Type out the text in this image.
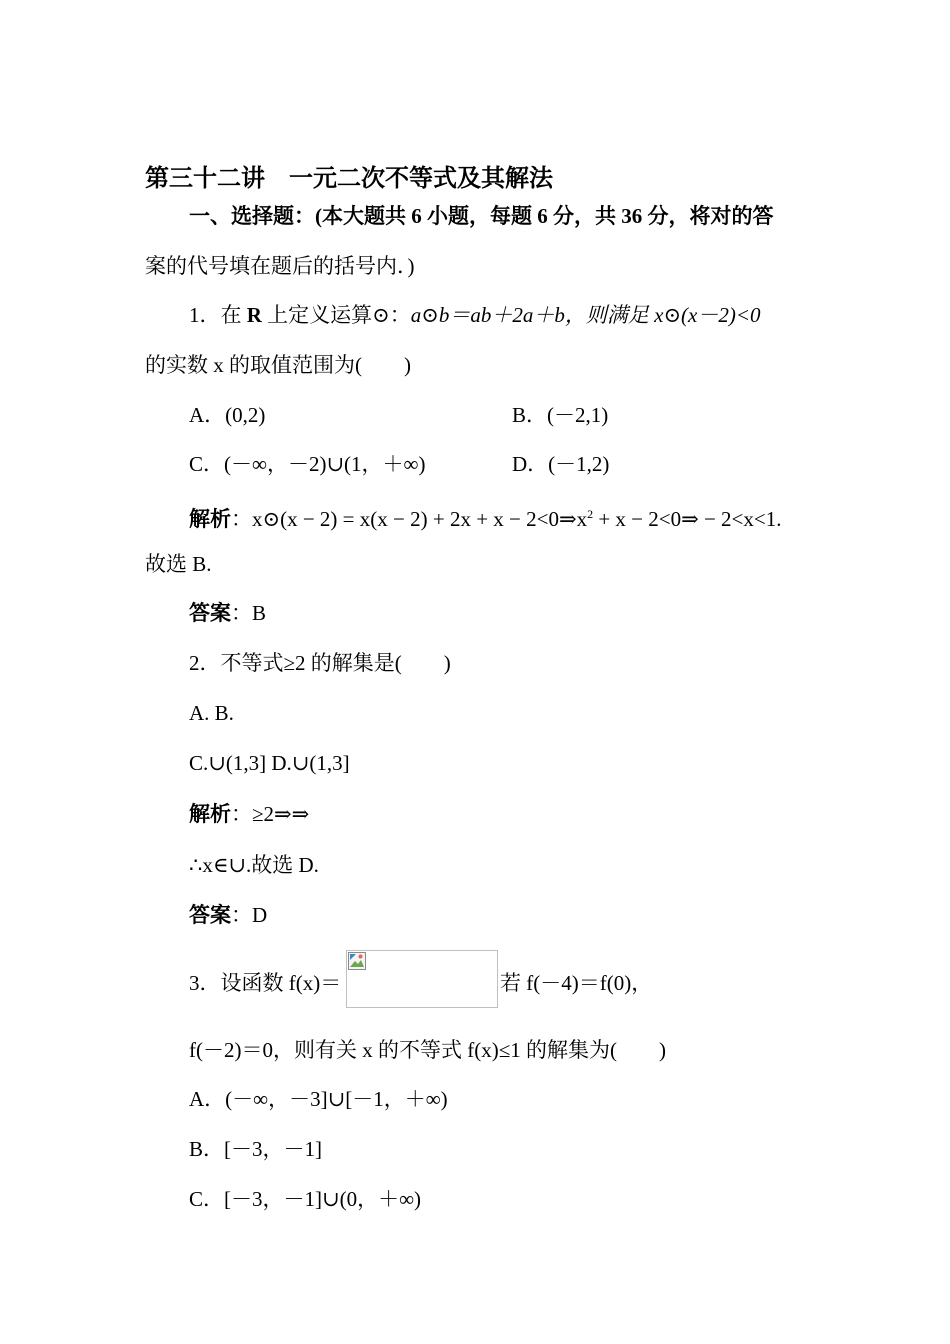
第三十二讲　一元二次不等式及其解法
一、选择题：(本大题共 6 小题，每题 6 分，共 36 分，将对的答
案的代号填在题后的括号内．)
1．在 R 上定义运算⊙：a⊙b＝ab＋2a＋b，则满足 x⊙(x－2)<0
的实数 x 的取值范围为(　　)
A．(0,2)	B．(－2,1)
C．(－∞，－2)∪(1，＋∞)	D．(－1,2)
解析：x⊙(x − $2) = x(x - 2) + 2x + x - 2<0\Rightarrow x^2 + x$ − 2<0⇒ − 2<x<1.
故选 B.
答案：B
2．不等式≥2 的解集是(　　)
A. B.
C.∪(1,3] D.∪(1,3]
解析：≥2⇒⇒
∴x∈∪.故选 D.
答案：D
3．设函数 f(x)＝	若 f(－4)＝f(0)，
f(－2)＝0，则有关 x 的不等式 f(x)≤1 的解集为(　　)
A．(－∞，－3]∪[－1，＋∞)
B．[－3，－1]
C．[－3，－1]∪(0，＋∞)
